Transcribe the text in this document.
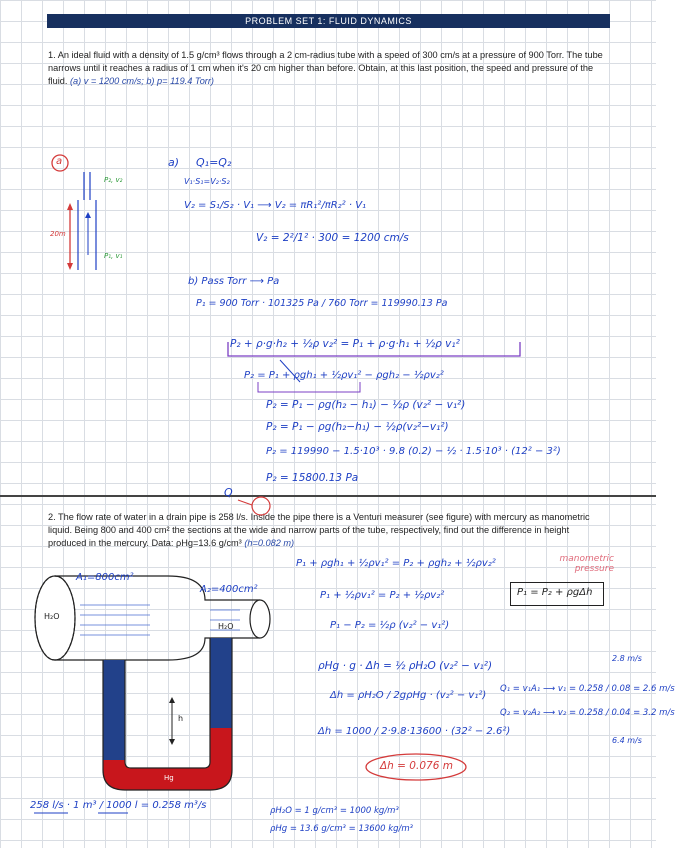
PROBLEM SET 1: FLUID DYNAMICS
1. An ideal fluid with a density of 1.5 g/cm³ flows through a 2 cm-radius tube with a speed of 300 cm/s at a pressure of 900 Torr. The tube narrows until it reaches a radius of 1 cm when it's 20 cm higher than before. Obtain, at this last position, the speed and pressure of the fluid. (a) v = 1200 cm/s; b) p= 119.4 Torr)
a
P₂, v₂
20m
P₁, v₁
a) Q₁=Q₂
V₁·S₁=V₂·S₂
V₂ = S₁/S₂ · V₁ ⟶ V₂ = πR₁²/πR₂² · V₁
V₂ = 2²/1² · 300 = 1200 cm/s
b) Pass Torr ⟶ Pa
P₁ = 900 Torr · 101325 Pa / 760 Torr = 119990.13 Pa
P₂ + ρ·g·h₂ + ½ρ v₂² = P₁ + ρ·g·h₁ + ½ρ v₁²
P₂ = P₁ + ρgh₁ + ½ρv₁² − ρgh₂ − ½ρv₂²
P₂ = P₁ − ρg(h₂ − h₁) − ½ρ (v₂² − v₁²)
P₂ = P₁ − ρg(h₂−h₁) − ½ρ(v₂²−v₁²)
P₂ = 119990 − 1.5·10³ · 9.8 (0.2) − ½ · 1.5·10³ · (12² − 3²)
P₂ = 15800.13 Pa
Q
2. The flow rate of water in a drain pipe is 258 l/s. Inside the pipe there is a Venturi measurer (see figure) with mercury as manometric liquid. Being 800 and 400 cm² the sections at the wide and narrow parts of the tube, respectively, find out the difference in height produced in the mercury. Data: ρHg=13.6 g/cm³ (h=0.082 m)
A₁=800cm²
A₂=400cm²
H₂O
H₂O
Hg
h
P₁ + ρgh₁ + ½ρv₁² = P₂ + ρgh₂ + ½ρv₂²	manometric pressure
P₁ = P₂ + ρgΔh
P₁ + ½ρv₁² = P₂ + ½ρv₂²
P₁ − P₂ = ½ρ (v₂² − v₁²)
ρHg · g · Δh = ½ ρH₂O (v₂² − v₁²)
Δh = ρH₂O / 2gρHg · (v₂² − v₁²)
Δh = 1000 / 2·9.8·13600 · (32² − 2.6²)
Δh = 0.076 m
Q₁ = v₁A₁ ⟶ v₁ = 0.258 / 0.08 = 2.6 m/s
Q₂ = v₂A₂ ⟶ v₂ = 0.258 / 0.04 = 3.2 m/s
2.8 m/s
6.4 m/s
258 l/s · 1 m³ / 1000 l = 0.258 m³/s	ρH₂O = 1 g/cm³ = 1000 kg/m³
ρHg = 13.6 g/cm³ = 13600 kg/m³
